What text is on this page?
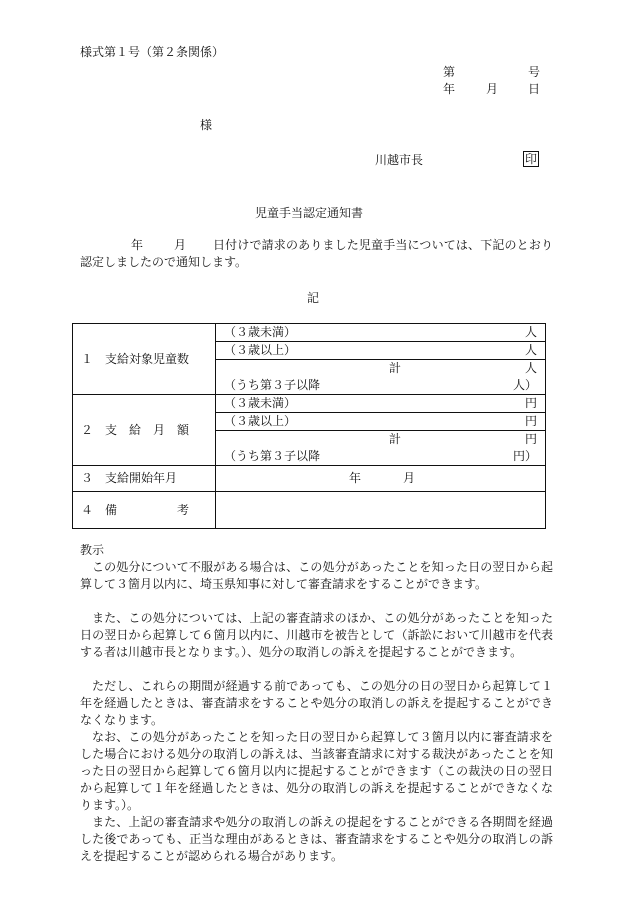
様式第１号（第２条関係）
第	号
年	月 日
様
川越市長	印
児童手当認定通知書
年	月	日付けで請求のありました児童手当については、下記のとおり認定しましたので通知します。
記
１　支給対象児童数	（３歳未満） 人

	（３歳以上） 人

	計 人

	（うち第３子以降 人）

２　支　給　月　額	（３歳未満） 円

	（３歳以上） 円

	計 円

	（うち第３子以降 円）

３　支給開始年月	年 月
４　備　　　　　考	
教示
この処分について不服がある場合は、この処分があったことを知った日の翌日から起算して３箇月以内に、埼玉県知事に対して審査請求をすることができます。
また、この処分については、上記の審査請求のほか、この処分があったことを知った日の翌日から起算して６箇月以内に、川越市を被告として（訴訟において川越市を代表する者は川越市長となります。）、処分の取消しの訴えを提起することができます。
ただし、これらの期間が経過する前であっても、この処分の日の翌日から起算して１年を経過したときは、審査請求をすることや処分の取消しの訴えを提起することができなくなります。
なお、この処分があったことを知った日の翌日から起算して３箇月以内に審査請求をした場合における処分の取消しの訴えは、当該審査請求に対する裁決があったことを知った日の翌日から起算して６箇月以内に提起することができます（この裁決の日の翌日から起算して１年を経過したときは、処分の取消しの訴えを提起することができなくなります。）。
また、上記の審査請求や処分の取消しの訴えの提起をすることができる各期間を経過した後であっても、正当な理由があるときは、審査請求をすることや処分の取消しの訴えを提起することが認められる場合があります。
